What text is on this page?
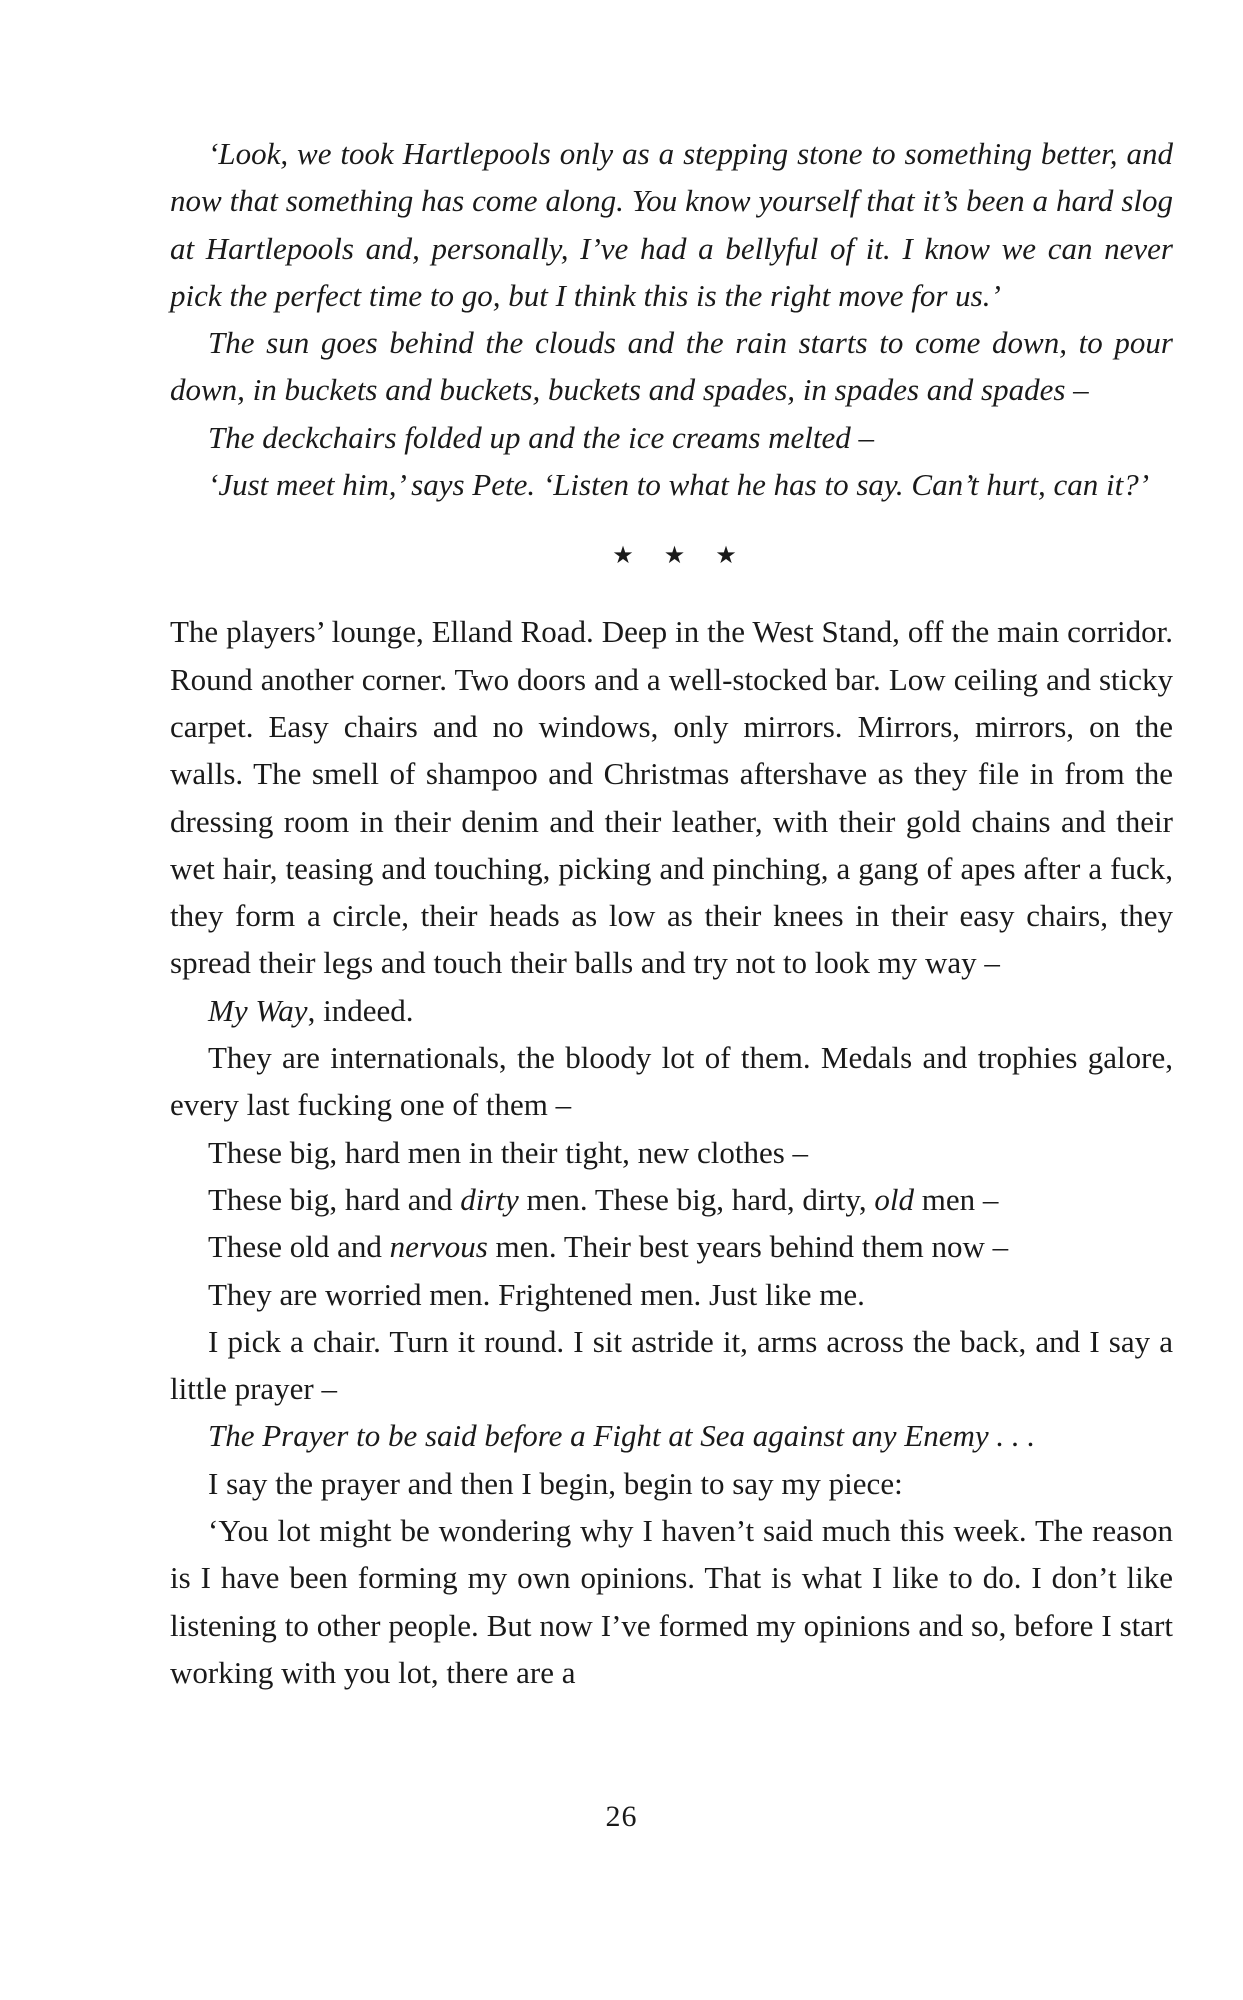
‘Look, we took Hartlepools only as a stepping stone to something better, and now that something has come along. You know yourself that it’s been a hard slog at Hartlepools and, personally, I’ve had a bellyful of it. I know we can never pick the perfect time to go, but I think this is the right move for us.’

The sun goes behind the clouds and the rain starts to come down, to pour down, in buckets and buckets, buckets and spades, in spades and spades –

The deckchairs folded up and the ice creams melted –

‘Just meet him,’ says Pete. ‘Listen to what he has to say. Can’t hurt, can it?’

★ ★ ★

The players’ lounge, Elland Road. Deep in the West Stand, off the main corridor. Round another corner. Two doors and a well-stocked bar. Low ceiling and sticky carpet. Easy chairs and no windows, only mirrors. Mirrors, mirrors, on the walls. The smell of shampoo and Christmas aftershave as they file in from the dressing room in their denim and their leather, with their gold chains and their wet hair, teasing and touching, picking and pinching, a gang of apes after a fuck, they form a circle, their heads as low as their knees in their easy chairs, they spread their legs and touch their balls and try not to look my way –

My Way, indeed.

They are internationals, the bloody lot of them. Medals and trophies galore, every last fucking one of them –

These big, hard men in their tight, new clothes –

These big, hard and dirty men. These big, hard, dirty, old men –

These old and nervous men. Their best years behind them now –

They are worried men. Frightened men. Just like me.

I pick a chair. Turn it round. I sit astride it, arms across the back, and I say a little prayer –

The Prayer to be said before a Fight at Sea against any Enemy . . .

I say the prayer and then I begin, begin to say my piece:

‘You lot might be wondering why I haven’t said much this week. The reason is I have been forming my own opinions. That is what I like to do. I don’t like listening to other people. But now I’ve formed my opinions and so, before I start working with you lot, there are a

26
